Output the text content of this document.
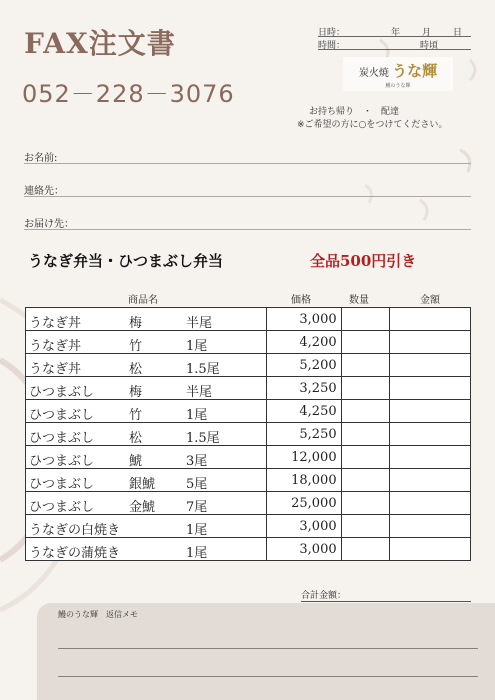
FAX注文書
052－228－3076
日時：	年 月 日
時間：	時頃
炭火焼 うな輝
鰻のうな輝
お持ち帰り　・　配達
※ご希望の方に○をつけてください。
お名前:
連絡先：
お届け先：
うなぎ弁当・ひつまぶし弁当	全品500円引き
商品名	価格	数量	金額
うなぎ丼 梅 半尾	3,000		

うなぎ丼 竹 1尾	4,200		

うなぎ丼 松 1.5尾	5,200		

ひつまぶし 梅 半尾	3,250		

ひつまぶし 竹 1尾	4,250		

ひつまぶし 松 1.5尾	5,250		

ひつまぶし 鯱 3尾	12,000		

ひつまぶし 銀鯱 5尾	18,000		

ひつまぶし 金鯱 7尾	25,000		

うなぎの白焼き 1尾	3,000		

うなぎの蒲焼き 1尾	3,000		
合計金額：
鰻のうな輝　返信メモ
